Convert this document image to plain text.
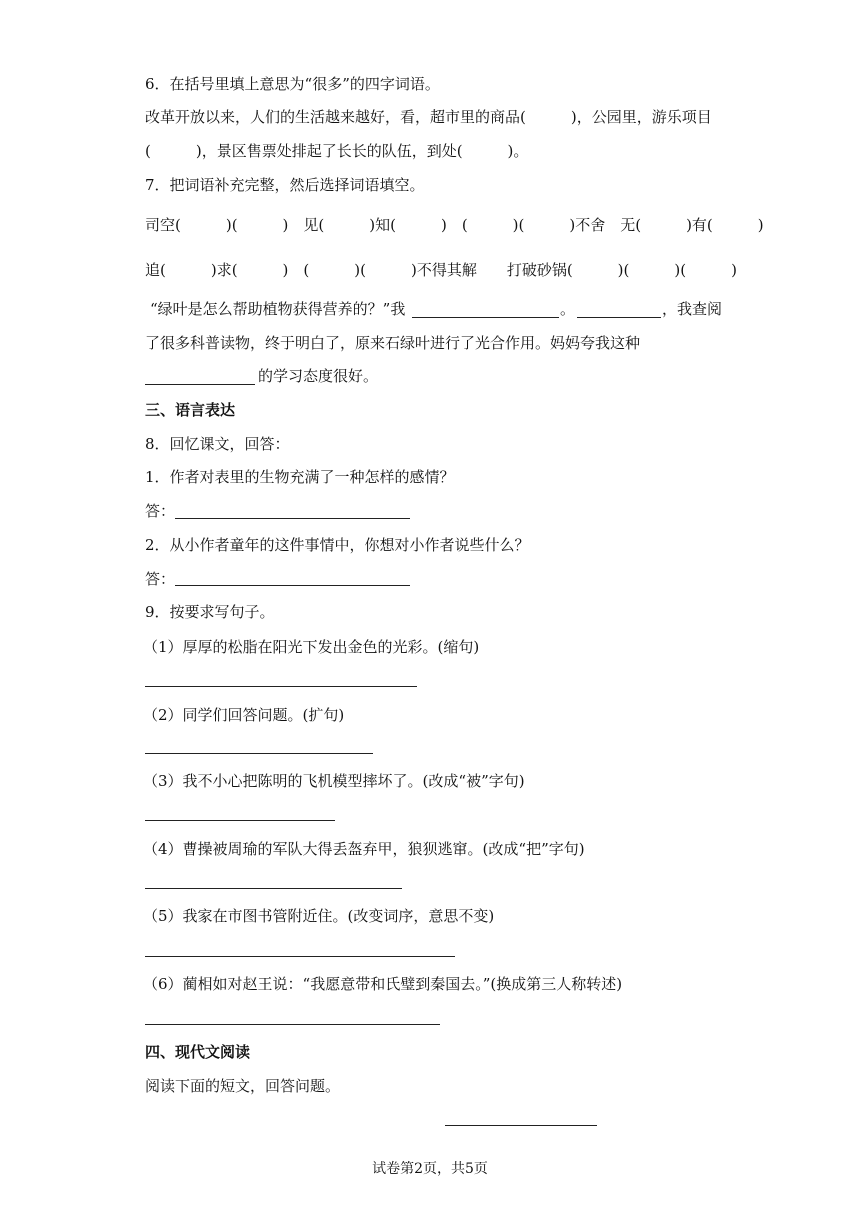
6．在括号里填上意思为“很多”的四字词语。
改革开放以来，人们的生活越来越好，看，超市里的商品(　　　)，公园里，游乐项目
(　　　)，景区售票处排起了长长的队伍，到处(　　　)。
7．把词语补充完整，然后选择词语填空。
司空(　　　)(　　　)　见(　　　)知(　　　)　(　　　)(　　　)不舍　无(　　　)有(　　　)
追(　　　)求(　　　)　(　　　)(　　　)不得其解　　打破砂锅(　　　)(　　　)(　　　)
“绿叶是怎么帮助植物获得营养的？”我	。	，我查阅
了很多科普读物，终于明白了，原来石绿叶进行了光合作用。妈妈夸我这种
的学习态度很好。
三、语言表达
8．回忆课文，回答：
1．作者对表里的生物充满了一种怎样的感情？
答：
2．从小作者童年的这件事情中，你想对小作者说些什么？
答：
9．按要求写句子。
（1）厚厚的松脂在阳光下发出金色的光彩。(缩句)
（2）同学们回答问题。(扩句)
（3）我不小心把陈明的飞机模型摔坏了。(改成“被”字句)
（4）曹操被周瑜的军队大得丢盔弃甲，狼狈逃窜。(改成“把”字句)
（5）我家在市图书管附近住。(改变词序，意思不变)
（6）蔺相如对赵王说：“我愿意带和氏璧到秦国去。”(换成第三人称转述)
四、现代文阅读
阅读下面的短文，回答问题。
试卷第2页，共5页
